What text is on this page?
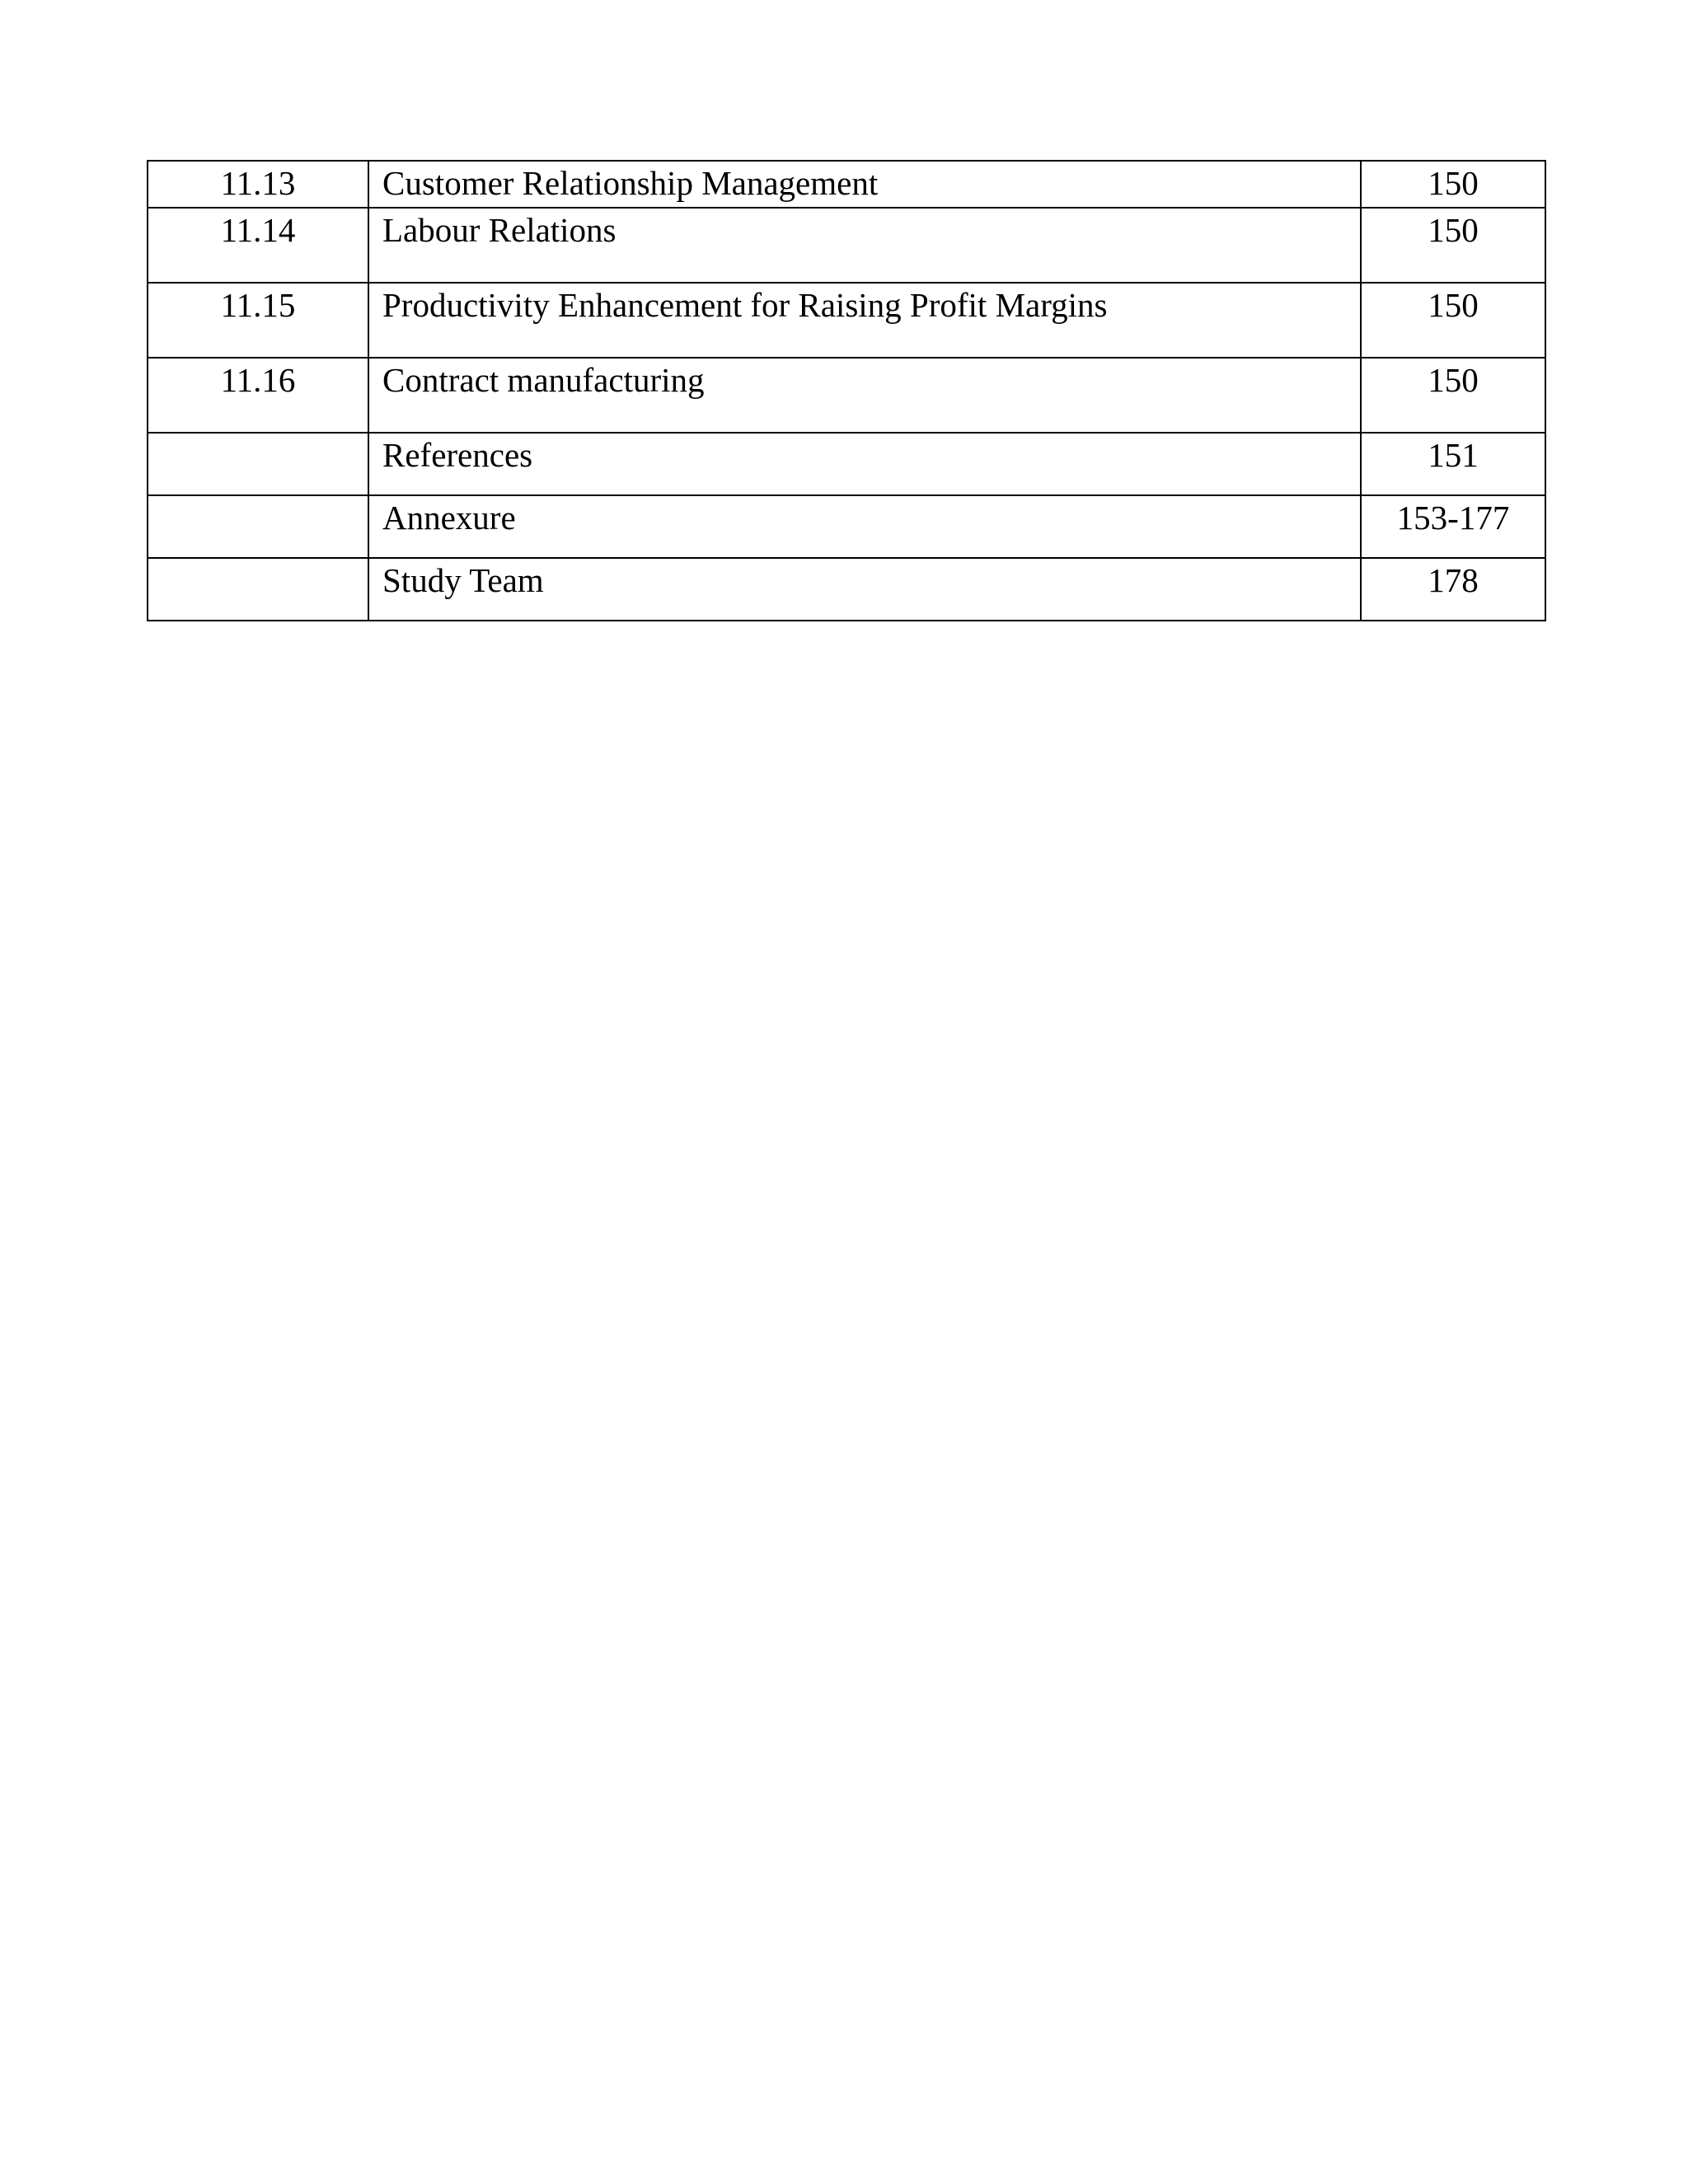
11.13	Customer Relationship Management	150
11.14	Labour Relations	150
11.15	Productivity Enhancement for Raising Profit Margins	150
11.16	Contract manufacturing	150
	References	151
	Annexure	153-177
	Study Team	178
